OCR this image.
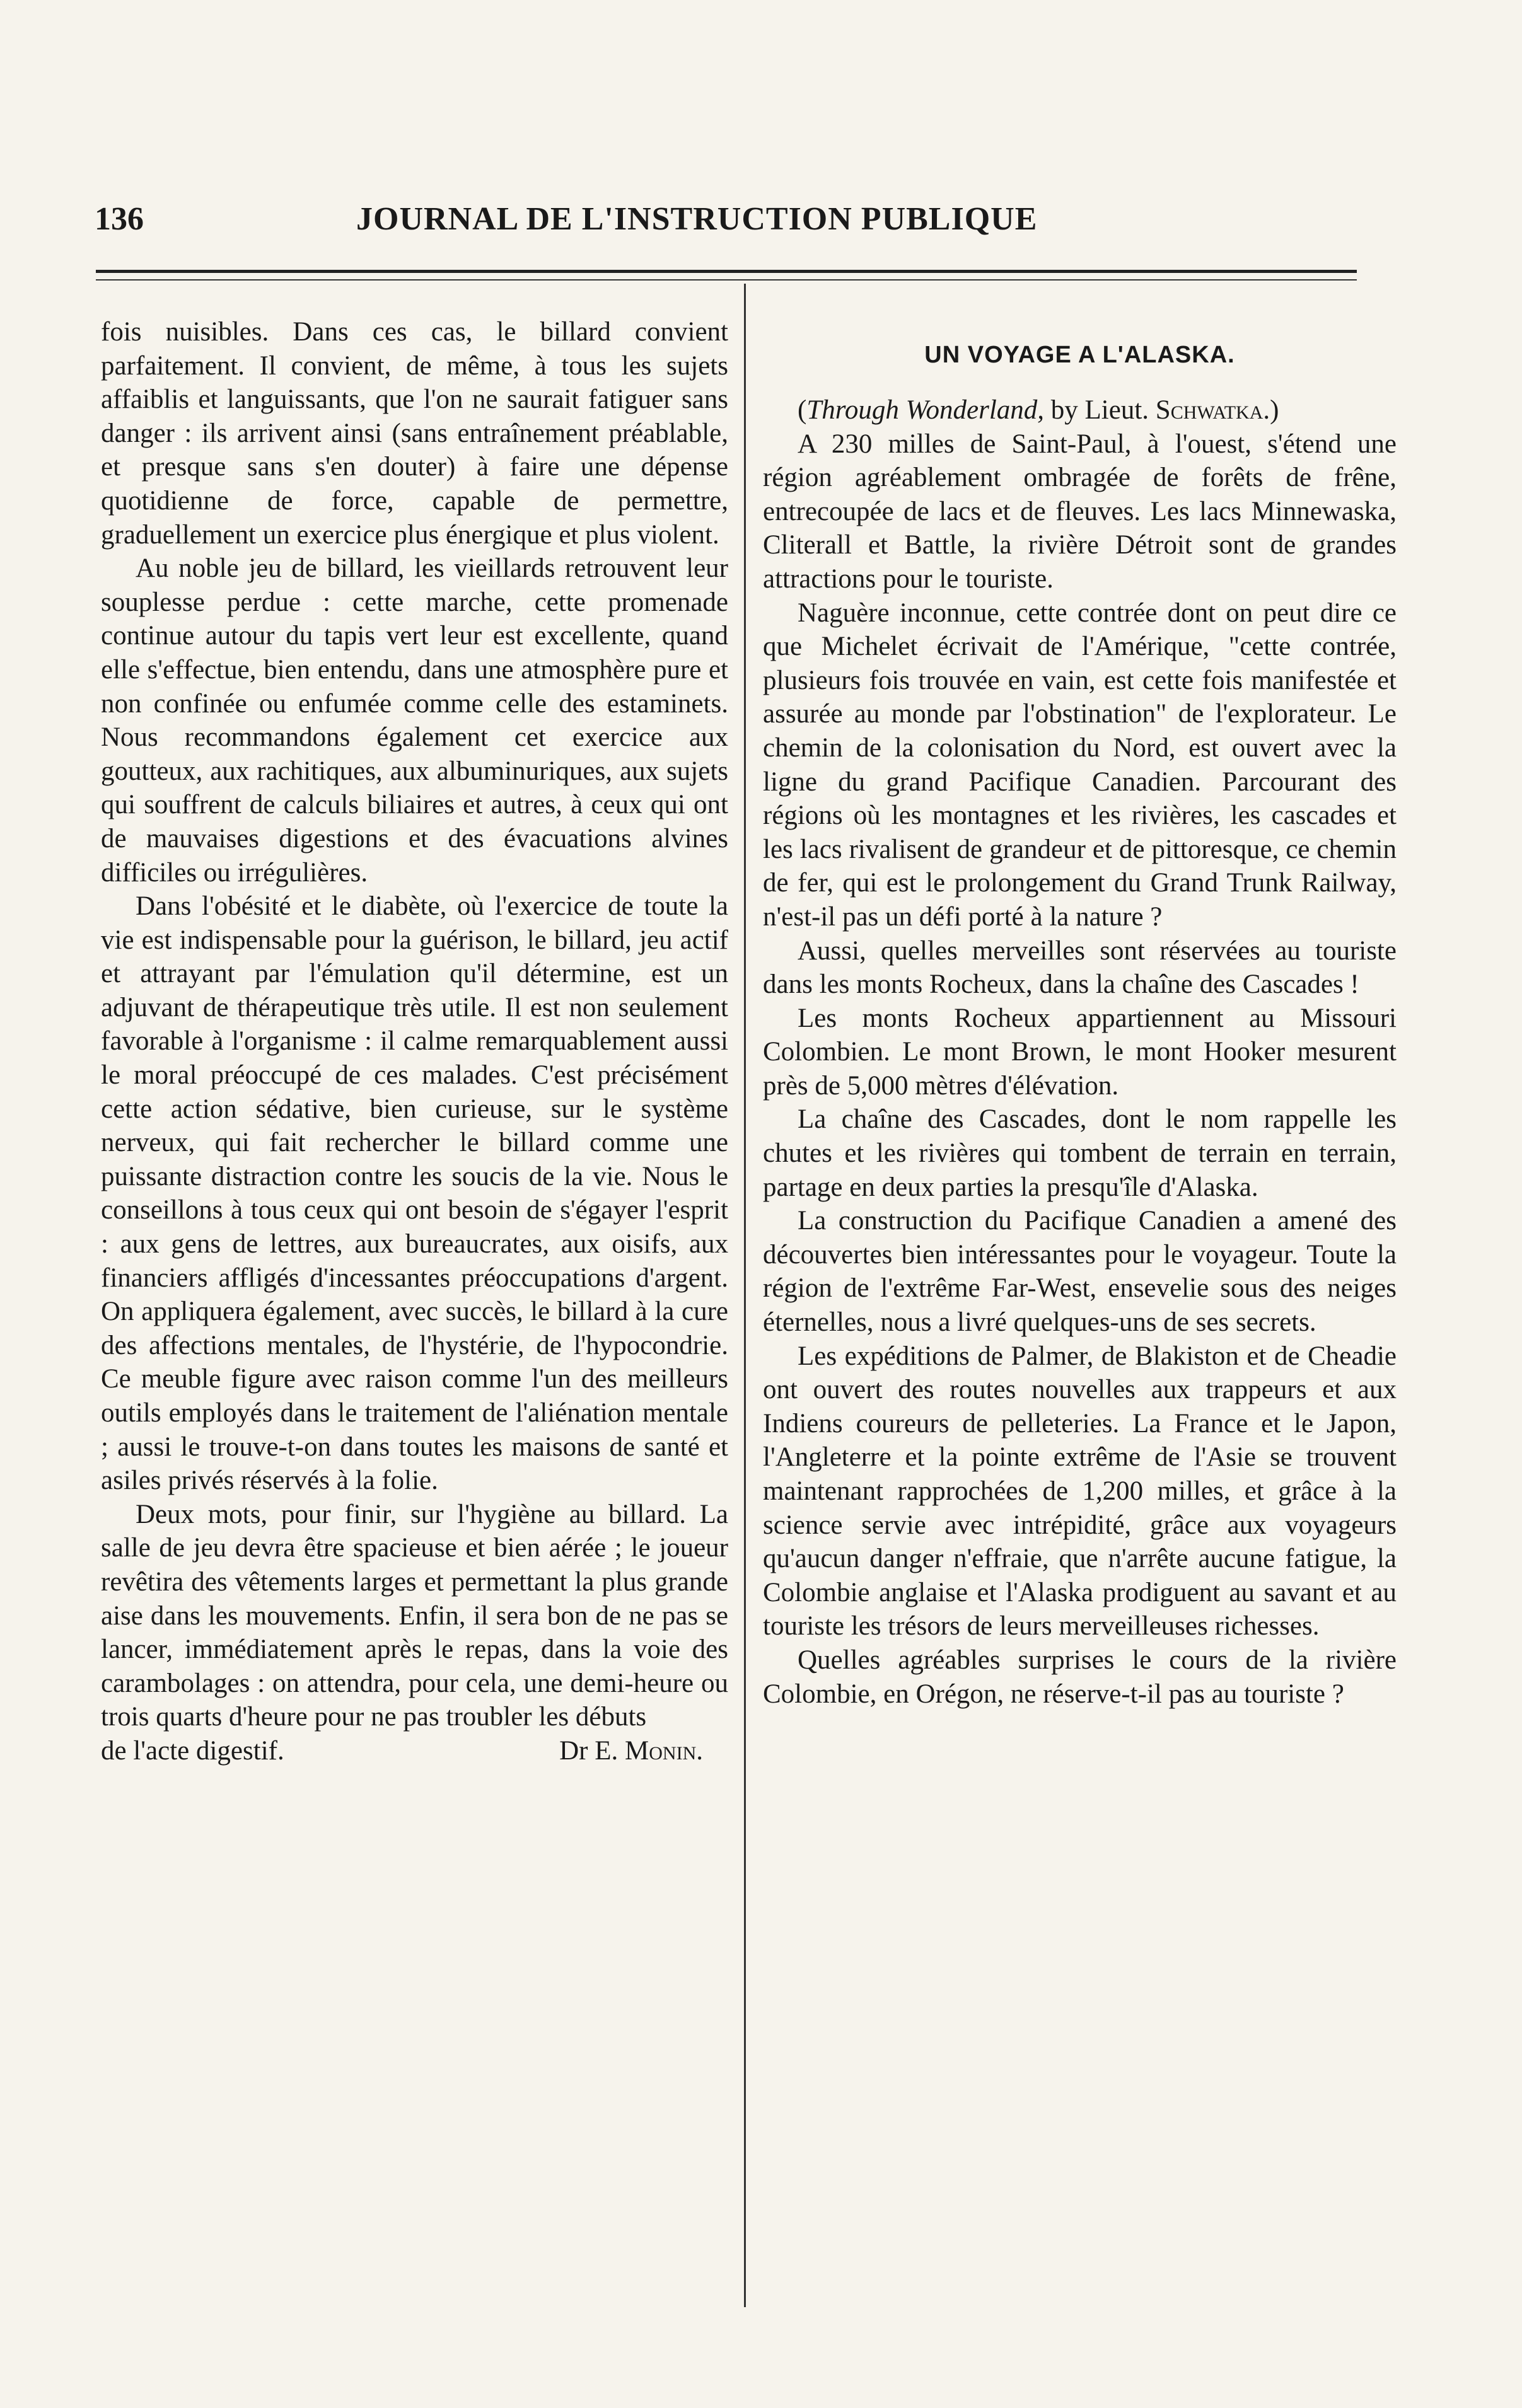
136	JOURNAL DE L'INSTRUCTION PUBLIQUE

fois nuisibles. Dans ces cas, le billard convient parfaitement. Il convient, de même, à tous les sujets affaiblis et languissants, que l'on ne saurait fatiguer sans danger : ils arrivent ainsi (sans entraînement préablable, et presque sans s'en douter) à faire une dépense quotidienne de force, capable de permettre, graduellement un exercice plus énergique et plus violent.

Au noble jeu de billard, les vieillards retrouvent leur souplesse perdue : cette marche, cette promenade continue autour du tapis vert leur est excellente, quand elle s'effectue, bien entendu, dans une atmosphère pure et non confinée ou enfumée comme celle des estaminets. Nous recommandons également cet exercice aux goutteux, aux rachitiques, aux albuminuriques, aux sujets qui souffrent de calculs biliaires et autres, à ceux qui ont de mauvaises digestions et des évacuations alvines difficiles ou irrégulières.

Dans l'obésité et le diabète, où l'exercice de toute la vie est indispensable pour la guérison, le billard, jeu actif et attrayant par l'émulation qu'il détermine, est un adjuvant de thérapeutique très utile. Il est non seulement favorable à l'organisme : il calme remarquablement aussi le moral préoccupé de ces malades. C'est précisément cette action sédative, bien curieuse, sur le système nerveux, qui fait rechercher le billard comme une puissante distraction contre les soucis de la vie. Nous le conseillons à tous ceux qui ont besoin de s'égayer l'esprit : aux gens de lettres, aux bureaucrates, aux oisifs, aux financiers affligés d'incessantes préoccupations d'argent. On appliquera également, avec succès, le billard à la cure des affections mentales, de l'hystérie, de l'hypocondrie. Ce meuble figure avec raison comme l'un des meilleurs outils employés dans le traitement de l'aliénation mentale ; aussi le trouve-t-on dans toutes les maisons de santé et asiles privés réservés à la folie.

Deux mots, pour finir, sur l'hygiène au billard. La salle de jeu devra être spacieuse et bien aérée ; le joueur revêtira des vêtements larges et permettant la plus grande aise dans les mouvements. Enfin, il sera bon de ne pas se lancer, immédiatement après le repas, dans la voie des carambolages : on attendra, pour cela, une demi-heure ou trois quarts d'heure pour ne pas troubler les débuts

de l'acte digestif.	Dr E. Monin.

UN VOYAGE A L'ALASKA.

(Through Wonderland, by Lieut. Schwatka.)

A 230 milles de Saint-Paul, à l'ouest, s'étend une région agréablement ombragée de forêts de frêne, entrecoupée de lacs et de fleuves. Les lacs Minnewaska, Cliterall et Battle, la rivière Détroit sont de grandes attractions pour le touriste.

Naguère inconnue, cette contrée dont on peut dire ce que Michelet écrivait de l'Amérique, "cette contrée, plusieurs fois trouvée en vain, est cette fois manifestée et assurée au monde par l'obstination" de l'explorateur. Le chemin de la colonisation du Nord, est ouvert avec la ligne du grand Pacifique Canadien. Parcourant des régions où les montagnes et les rivières, les cascades et les lacs rivalisent de grandeur et de pittoresque, ce chemin de fer, qui est le prolongement du Grand Trunk Railway, n'est-il pas un défi porté à la nature ?

Aussi, quelles merveilles sont réservées au touriste dans les monts Rocheux, dans la chaîne des Cascades !

Les monts Rocheux appartiennent au Missouri Colombien. Le mont Brown, le mont Hooker mesurent près de 5,000 mètres d'élévation.

La chaîne des Cascades, dont le nom rappelle les chutes et les rivières qui tombent de terrain en terrain, partage en deux parties la presqu'île d'Alaska.

La construction du Pacifique Canadien a amené des découvertes bien intéressantes pour le voyageur. Toute la région de l'extrême Far-West, ensevelie sous des neiges éternelles, nous a livré quelques-uns de ses secrets.

Les expéditions de Palmer, de Blakiston et de Cheadie ont ouvert des routes nouvelles aux trappeurs et aux Indiens coureurs de pelleteries. La France et le Japon, l'Angleterre et la pointe extrême de l'Asie se trouvent maintenant rapprochées de 1,200 milles, et grâce à la science servie avec intrépidité, grâce aux voyageurs qu'aucun danger n'effraie, que n'arrête aucune fatigue, la Colombie anglaise et l'Alaska prodiguent au savant et au touriste les trésors de leurs merveilleuses richesses.

Quelles agréables surprises le cours de la rivière Colombie, en Orégon, ne réserve-t-il pas au touriste ?
